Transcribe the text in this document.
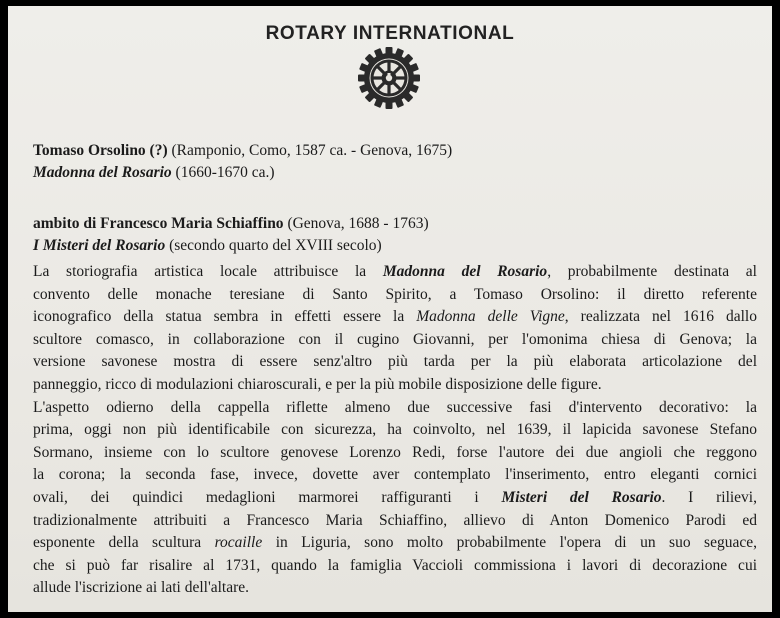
ROTARY INTERNATIONAL
Tomaso Orsolino (?) (Ramponio, Como, 1587 ca. - Genova, 1675)
Madonna del Rosario (1660-1670 ca.)
ambito di Francesco Maria Schiaffino (Genova, 1688 - 1763)
I Misteri del Rosario (secondo quarto del XVIII secolo)
La storiografia artistica locale attribuisce la Madonna del Rosario, probabilmente destinata al
convento delle monache teresiane di Santo Spirito, a Tomaso Orsolino: il diretto referente
iconografico della statua sembra in effetti essere la Madonna delle Vigne, realizzata nel 1616 dallo
scultore comasco, in collaborazione con il cugino Giovanni, per l'omonima chiesa di Genova; la
versione savonese mostra di essere senz'altro più tarda per la più elaborata articolazione del
panneggio, ricco di modulazioni chiaroscurali, e per la più mobile disposizione delle figure.
L'aspetto odierno della cappella riflette almeno due successive fasi d'intervento decorativo: la
prima, oggi non più identificabile con sicurezza, ha coinvolto, nel 1639, il lapicida savonese Stefano
Sormano, insieme con lo scultore genovese Lorenzo Redi, forse l'autore dei due angioli che reggono
la corona; la seconda fase, invece, dovette aver contemplato l'inserimento, entro eleganti cornici
ovali, dei quindici medaglioni marmorei raffiguranti i Misteri del Rosario. I rilievi,
tradizionalmente attribuiti a Francesco Maria Schiaffino, allievo di Anton Domenico Parodi ed
esponente della scultura rocaille in Liguria, sono molto probabilmente l'opera di un suo seguace,
che si può far risalire al 1731, quando la famiglia Vaccioli commissiona i lavori di decorazione cui
allude l'iscrizione ai lati dell'altare.
